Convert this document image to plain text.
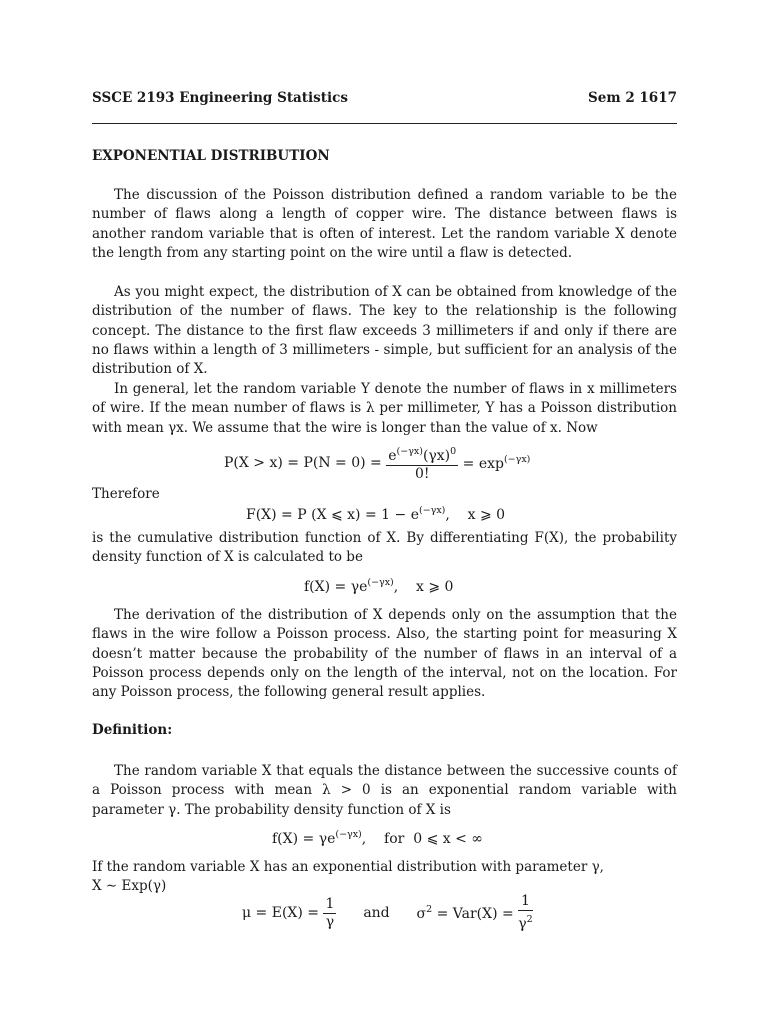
SSCE 2193 Engineering Statistics	Sem 2 1617
EXPONENTIAL DISTRIBUTION
The discussion of the Poisson distribution defined a random variable to be the number of flaws along a length of copper wire. The distance between flaws is another random variable that is often of interest. Let the random variable X denote the length from any starting point on the wire until a flaw is detected.
As you might expect, the distribution of X can be obtained from knowledge of the distribution of the number of flaws. The key to the relationship is the following concept. The distance to the first flaw exceeds 3 millimeters if and only if there are no flaws within a length of 3 millimeters - simple, but sufficient for an analysis of the distribution of X.
In general, let the random variable Y denote the number of flaws in x millimeters of wire. If the mean number of flaws is λ per millimeter, Y has a Poisson distribution with mean γx. We assume that the wire is longer than the value of x. Now
$P(X > x) = P(N = 0) = \frac{e^{(-\gamma x)}(\gamma x)^0}{0!} = \exp^{(-\gamma x)}$
Therefore
F(X) = P (X ⩽ $x) = 1 - e^{(-\gamma x)}$,    x ⩾ 0
is the cumulative distribution function of X. By differentiating F(X), the probability density function of X is calculated to be
$f(X) = \gamma e^{(-\gamma x)}$,    x ⩾ 0
The derivation of the distribution of X depends only on the assumption that the flaws in the wire follow a Poisson process. Also, the starting point for measuring X doesn’t matter because the probability of the number of flaws in an interval of a Poisson process depends only on the length of the interval, not on the location. For any Poisson process, the following general result applies.
Definition:
The random variable X that equals the distance between the successive counts of a Poisson process with mean λ > 0 is an exponential random variable with parameter γ. The probability density function of X is
$f(X) = \gamma e^{(-\gamma x)}$,    for  0 ⩽ x < ∞
If the random variable X has an exponential distribution with parameter γ,
X ∼ Exp(γ)
$\mu = E(X) = \frac{1}{\gamma}$ and $\sigma^2 = Var(X) = \frac{1}{\gamma^2}$
